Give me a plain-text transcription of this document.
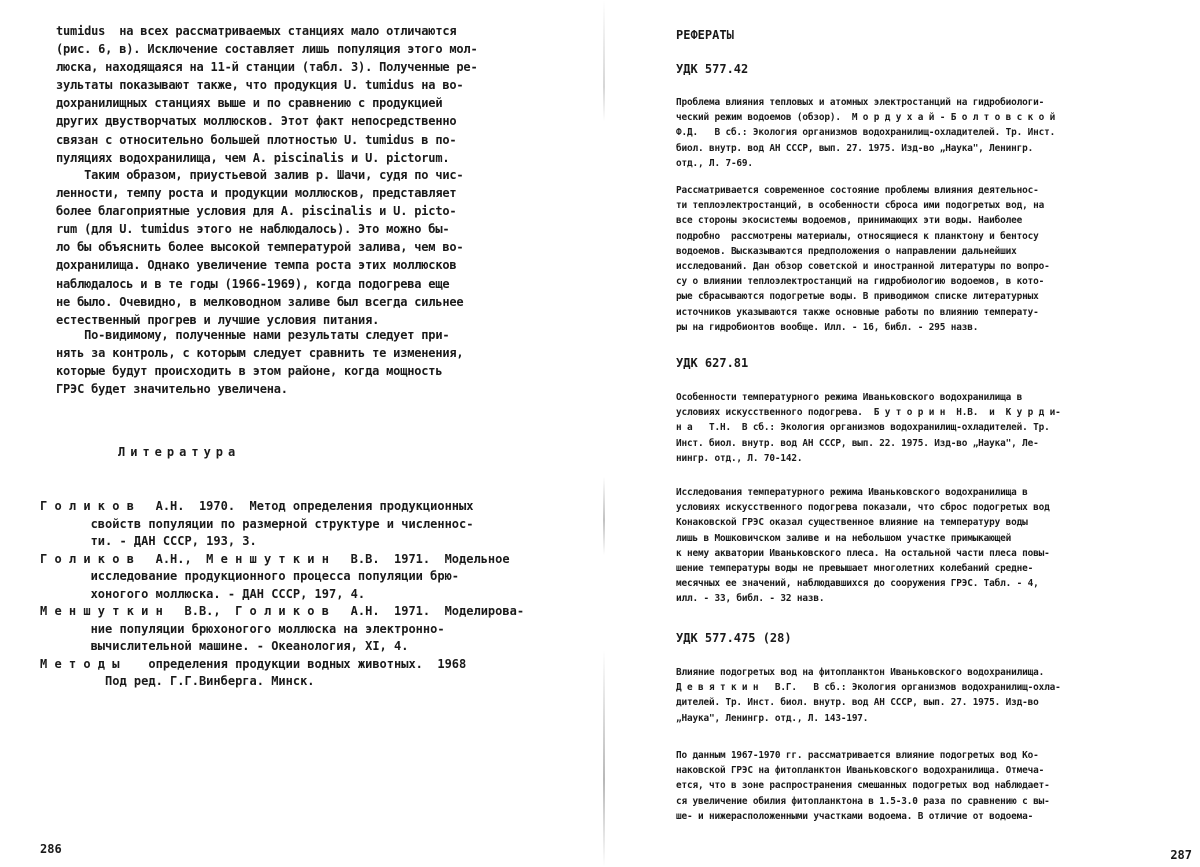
tumidus  на всех рассматриваемых станциях мало отличаются
(рис. 6, в). Исключение составляет лишь популяция этого мол-
люска, находящаяся на 11-й станции (табл. 3). Полученные ре-
зультаты показывают также, что продукция U. tumidus на во-
дохранилищных станциях выше и по сравнению с продукцией
других двустворчатых моллюсков. Этот факт непосредственно
связан с относительно большей плотностью U. tumidus в по-
пуляциях водохранилища, чем A. piscinalis и U. pictorum.

Таким образом, приустьевой залив р. Шачи, судя по чис-
ленности, темпу роста и продукции моллюсков, представляет
более благоприятные условия для A. piscinalis и U. picto-
rum (для U. tumidus этого не наблюдалось). Это можно бы-
ло бы объяснить более высокой температурой залива, чем во-
дохранилища. Однако увеличение темпа роста этих моллюсков
наблюдалось и в те годы (1966-1969), когда подогрева еще
не было. Очевидно, в мелководном заливе был всегда сильнее
естественный прогрев и лучшие условия питания.

По-видимому, полученные нами результаты следует при-
нять за контроль, с которым следует сравнить те изменения,
которые будут происходить в этом районе, когда мощность
ГРЭС будет значительно увеличена.

Литература

Г о л и к о в   А.Н.  1970.  Метод определения продукционных
свойств популяции по размерной структуре и численнос-
ти. - ДАН СССР, 193, 3.
Г о л и к о в   А.Н.,  М е н ш у т к и н   В.В.  1971.  Модельное
исследование продукционного процесса популяции брю-
хоногого моллюска. - ДАН СССР, 197, 4.
М е н ш у т к и н   В.В.,  Г о л и к о в   А.Н.  1971.  Моделирова-
ние популяции брюхоногого моллюска на электронно-
вычислительной машине. - Океанология, XI, 4.
М е т о д ы    определения продукции водных животных.  1968
Под ред. Г.Г.Винберга. Минск.

286

РЕФЕРАТЫ

УДК 577.42

Проблема влияния тепловых и атомных электростанций на гидробиологи-
ческий режим водоемов (обзор).  М о р д у х а й - Б о л т о в с к о й
Ф.Д.   В сб.: Экология организмов водохранилищ-охладителей. Тр. Инст.
биол. внутр. вод АН СССР, вып. 27. 1975. Изд-во „Наука", Ленингр.
отд., Л. 7-69.

Рассматривается современное состояние проблемы влияния деятельнос-
ти теплоэлектростанций, в особенности сброса ими подогретых вод, на
все стороны экосистемы водоемов, принимающих эти воды. Наиболее
подробно  рассмотрены материалы, относящиеся к планктону и бентосу
водоемов. Высказываются предположения о направлении дальнейших
исследований. Дан обзор советской и иностранной литературы по вопро-
су о влиянии теплоэлектростанций на гидробиологию водоемов, в кото-
рые сбрасываются подогретые воды. В приводимом списке литературных
источников указываются также основные работы по влиянию температу-
ры на гидробионтов вообще. Илл. - 16, библ. - 295 назв.

УДК 627.81

Особенности температурного режима Иваньковского водохранилища в
условиях искусственного подогрева.  Б у т о р и н  Н.В.  и  К у р д и-
н а   Т.Н.  В сб.: Экология организмов водохранилищ-охладителей. Тр.
Инст. биол. внутр. вод АН СССР, вып. 22. 1975. Изд-во „Наука", Ле-
нингр. отд., Л. 70-142.

Исследования температурного режима Иваньковского водохранилища в
условиях искусственного подогрева показали, что сброс подогретых вод
Конаковской ГРЭС оказал существенное влияние на температуру воды
лишь в Мошковичском заливе и на небольшом участке примыкающей
к нему акватории Иваньковского плеса. На остальной части плеса повы-
шение температуры воды не превышает многолетних колебаний средне-
месячных ее значений, наблюдавшихся до сооружения ГРЭС. Табл. - 4,
илл. - 33, библ. - 32 назв.

УДК 577.475 (28)

Влияние подогретых вод на фитопланктон Иваньковского водохранилища.
Д е в я т к и н   В.Г.   В сб.: Экология организмов водохранилищ-охла-
дителей. Тр. Инст. биол. внутр. вод АН СССР, вып. 27. 1975. Изд-во
„Наука", Ленингр. отд., Л. 143-197.

По данным 1967-1970 гг. рассматривается влияние подогретых вод Ко-
наковской ГРЭС на фитопланктон Иваньковского водохранилища. Отмеча-
ется, что в зоне распространения смешанных подогретых вод наблюдает-
ся увеличение обилия фитопланктона в 1.5-3.0 раза по сравнению с вы-
ше- и нижерасположенными участками водоема. В отличие от водоема-

287
